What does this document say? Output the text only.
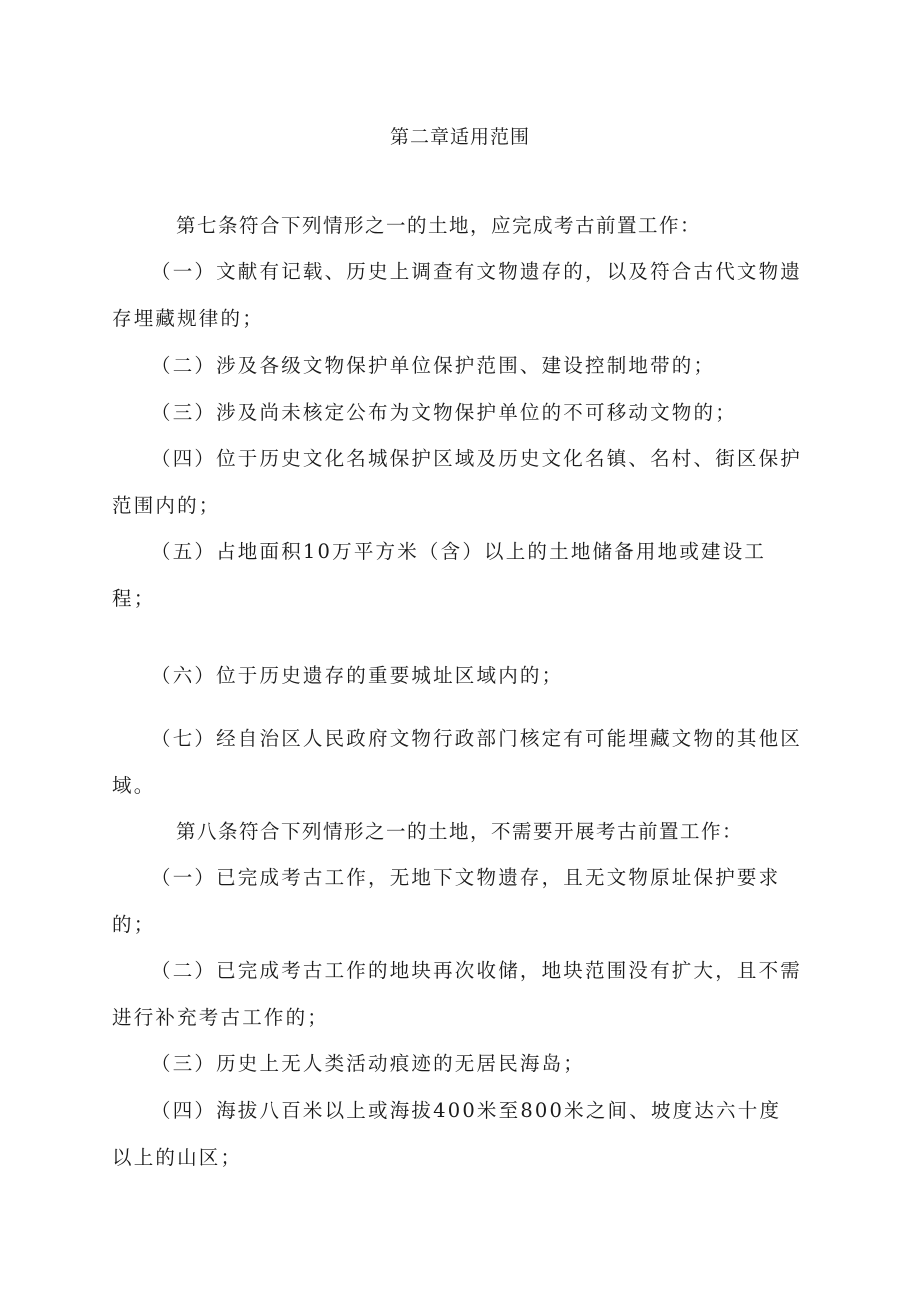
第二章适用范围

第七条符合下列情形之一的土地，应完成考古前置工作：

（一）文献有记载、历史上调查有文物遗存的，以及符合古代文物遗存埋藏规律的；

（二）涉及各级文物保护单位保护范围、建设控制地带的；

（三）涉及尚未核定公布为文物保护单位的不可移动文物的；

（四）位于历史文化名城保护区域及历史文化名镇、名村、街区保护范围内的；

（五）占地面积10万平方米（含）以上的土地储备用地或建设工程；

（六）位于历史遗存的重要城址区域内的；

（七）经自治区人民政府文物行政部门核定有可能埋藏文物的其他区域。

第八条符合下列情形之一的土地，不需要开展考古前置工作：

（一）已完成考古工作，无地下文物遗存，且无文物原址保护要求的；

（二）已完成考古工作的地块再次收储，地块范围没有扩大，且不需进行补充考古工作的；

（三）历史上无人类活动痕迹的无居民海岛；

（四）海拔八百米以上或海拔400米至800米之间、坡度达六十度以上的山区；
